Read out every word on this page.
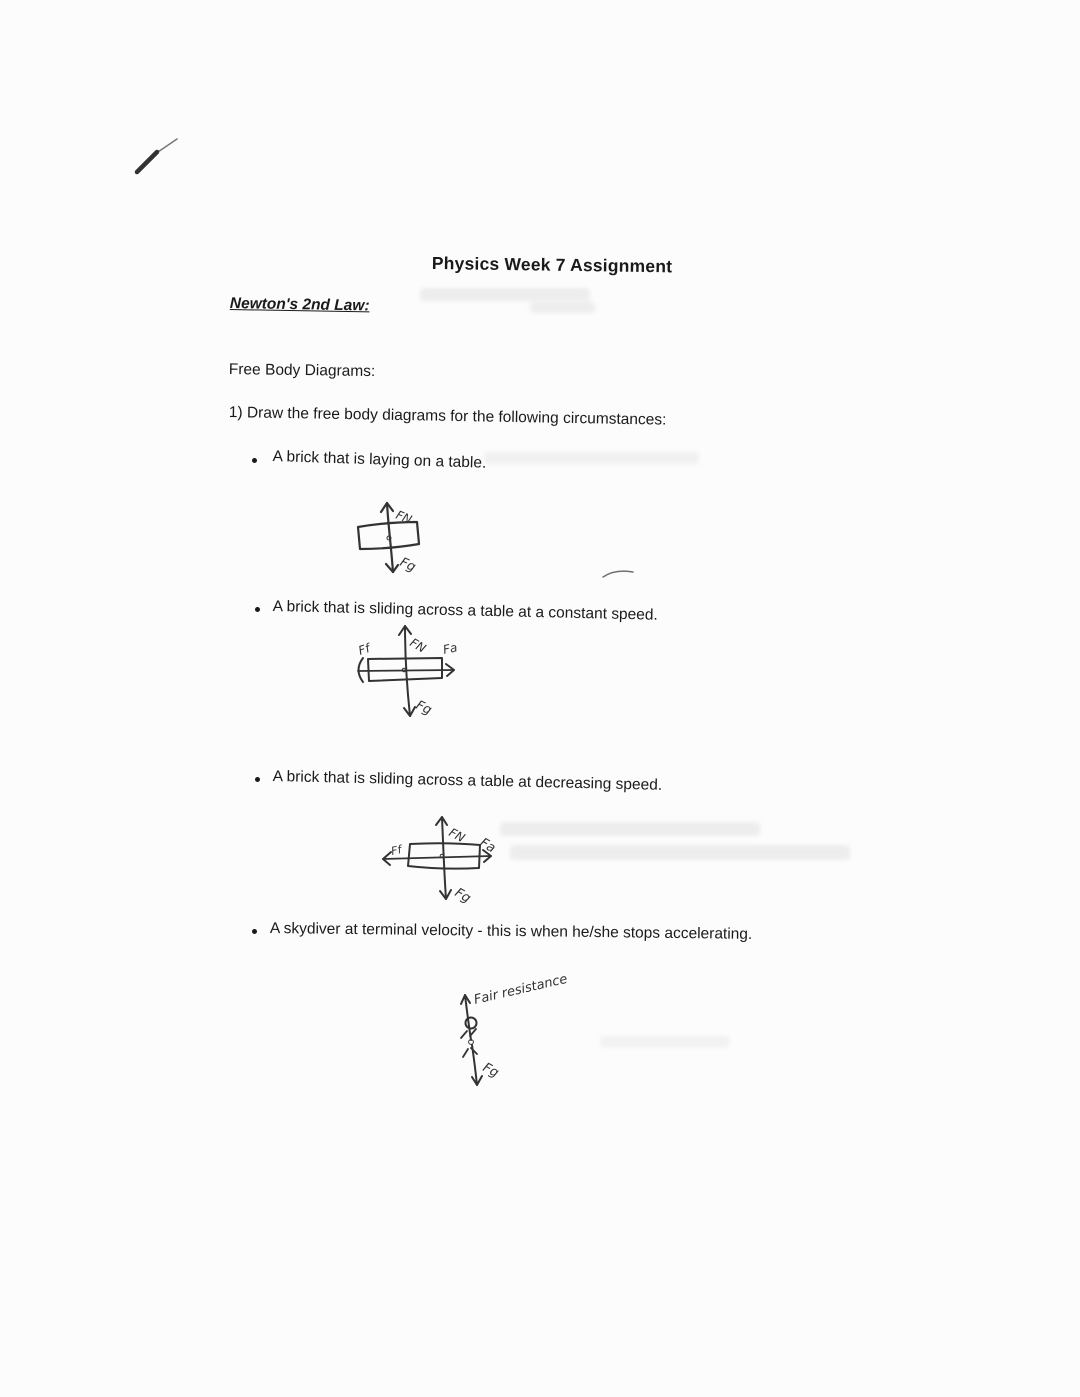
Physics Week 7 Assignment
Newton's 2nd Law:
Free Body Diagrams:
1) Draw the free body diagrams for the following circumstances:
A brick that is laying on a table.
FN
Fg
A brick that is sliding across a table at a constant speed.
FN
Ff	Fa
Fg
A brick that is sliding across a table at decreasing speed.
FN
Ff	Fa
Fg
A skydiver at terminal velocity - this is when he/she stops accelerating.
Fair resistance
Fg
